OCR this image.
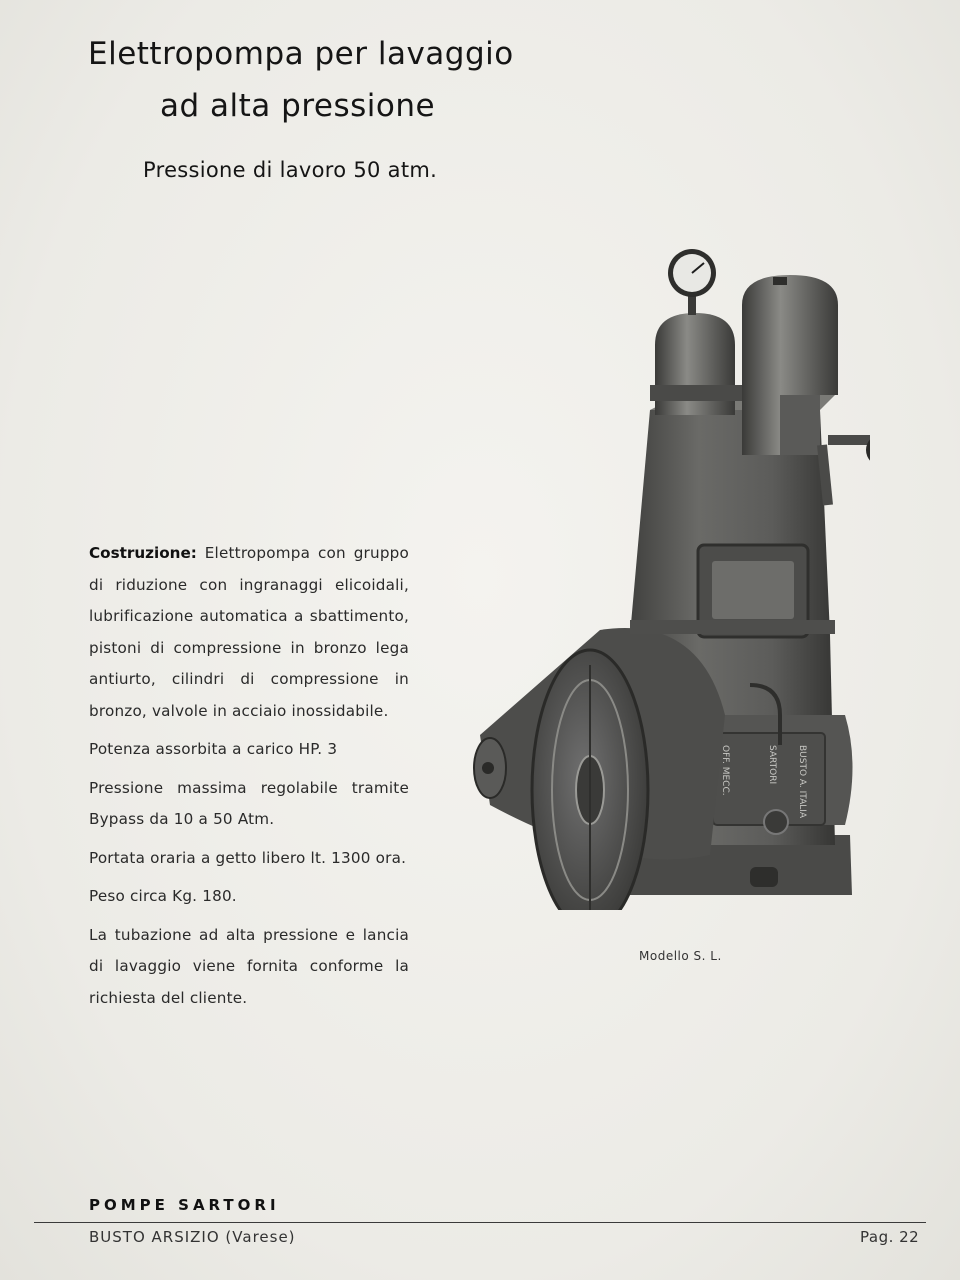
Elettropompa per lavaggio
ad alta pressione
Pressione di lavoro 50 atm.

Costruzione: Elettropompa con gruppo di riduzione con ingranaggi elicoidali, lubrificazione automatica a sbattimento, pistoni di compressione in bronzo lega antiurto, cilindri di compressione in bronzo, valvole in acciaio inossidabile.

Potenza assorbita a carico HP. 3

Pressione massima regolabile tramite Bypass da 10 a 50 Atm.

Portata oraria a getto libero lt. 1300 ora.

Peso circa Kg. 180.

La tubazione ad alta pressione e lancia di lavaggio viene fornita conforme la richiesta del cliente.

OFF. MECC.	SARTORI BUSTO A. ITALIA
Modello S. L.
POMPE SARTORI
BUSTO ARSIZIO (Varese)	Pag. 22
